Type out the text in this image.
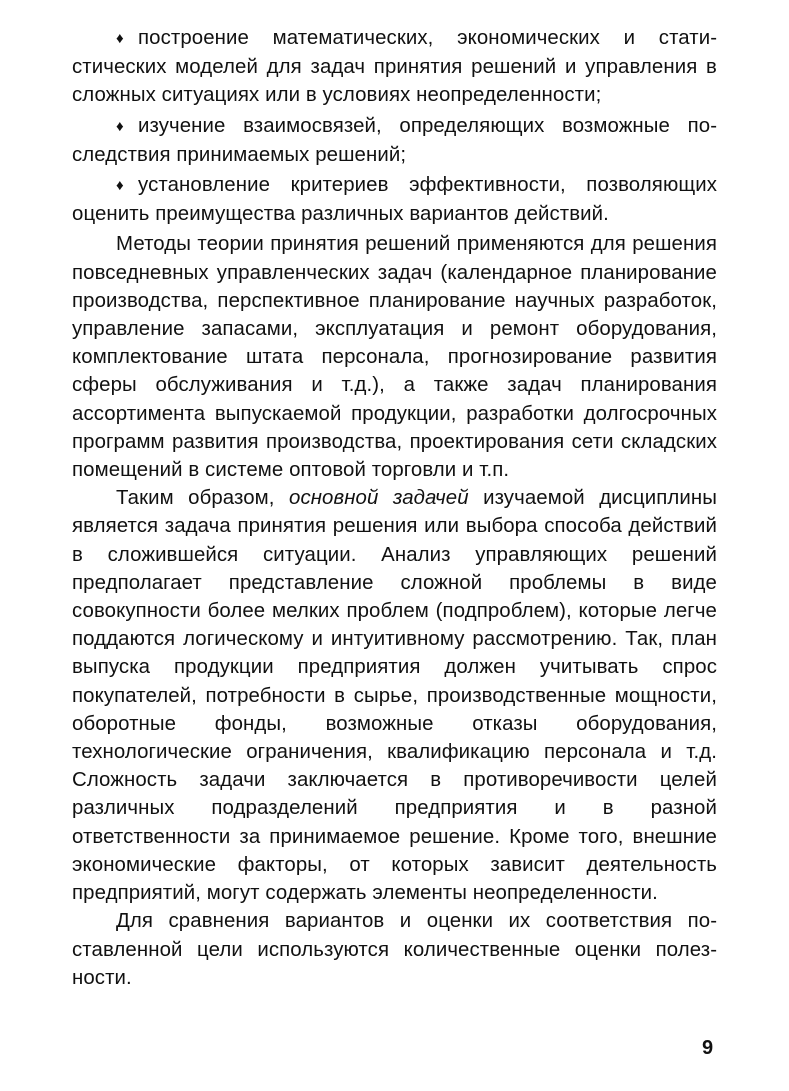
♦ построение математических, экономических и статистических моделей для задач принятия решений и управления в сложных ситуациях или в условиях неопределенности;

♦ изучение взаимосвязей, определяющих возможные последствия принимаемых решений;

♦ установление критериев эффективности, позволяющих оценить преимущества различных вариантов действий.

Методы теории принятия решений применяются для решения повседневных управленческих задач (календарное планирование производства, перспективное планирование научных разработок, управление запасами, эксплуатация и ремонт оборудования, комплектование штата персонала, прогнозирование развития сферы обслуживания и т.д.), а также задач планирования ассортимента выпускаемой продукции, разработки долгосрочных программ развития производства, проектирования сети складских помещений в системе оптовой торговли и т.п.

Таким образом, основной задачей изучаемой дисциплины является задача принятия решения или выбора способа действий в сложившейся ситуации. Анализ управляющих решений предполагает представление сложной проблемы в виде совокупности более мелких проблем (подпроблем), которые легче поддаются логическому и интуитивному рассмотрению. Так, план выпуска продукции предприятия должен учитывать спрос покупателей, потребности в сырье, производственные мощности, оборотные фонды, возможные отказы оборудования, технологические ограничения, квалификацию персонала и т.д. Сложность задачи заключается в противоречивости целей различных подразделений предприятия и в разной ответственности за принимаемое решение. Кроме того, внешние экономические факторы, от которых зависит деятельность предприятий, могут содержать элементы неопределенности.

Для сравнения вариантов и оценки их соответствия поставленной цели используются количественные оценки полезности.

9
